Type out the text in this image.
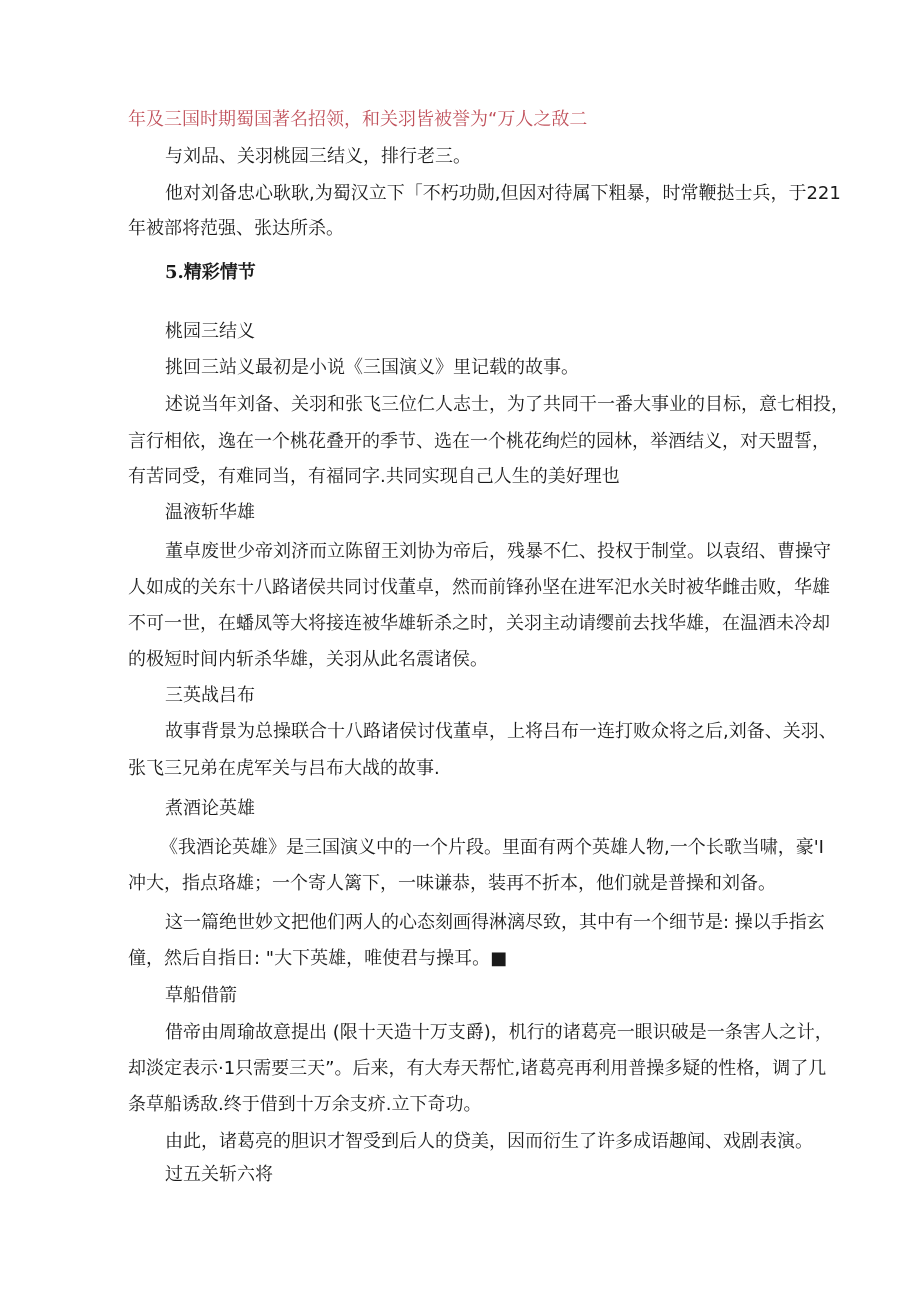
年及三国时期蜀国著名招领，和关羽皆被誉为“万人之敌二
与刘品、关羽桃园三结义，排行老三。
他对刘备忠心耿耿,为蜀汉立下「不朽功勋,但因对待属下粗暴，时常鞭挞士兵，于221
年被部将范强、张达所杀。
5.精彩情节
桃园三结义
挑回三站义最初是小说《三国演义》里记载的故事。
述说当年刘备、关羽和张飞三位仁人志士，为了共同干一番大事业的目标，意七相投，
言行相依，逸在一个桃花叠开的季节、选在一个桃花绚烂的园林，举酒结义，对天盟誓，
有苦同受，有难同当，有福同字.共同实现自己人生的美好理也
温液斩华雄
董卓废世少帝刘济而立陈留王刘协为帝后，残暴不仁、投权于制堂。以袁绍、曹操守
人如成的关东十八路诸侯共同讨伐董卓，然而前锋孙坚在进军汜水关时被华雌击败，华雄
不可一世，在蟠凤等大将接连被华雄斩杀之时，关羽主动请缨前去找华雄，在温酒未冷却
的极短时间内斩杀华雄，关羽从此名震诸侯。
三英战吕布
故事背景为总操联合十八路诸侯讨伐董卓，上将吕布一连打败众将之后,刘备、关羽、
张飞三兄弟在虎军关与吕布大战的故事.
煮酒论英雄
《我酒论英雄》是三国演义中的一个片段。里面有两个英雄人物,一个长歌当啸，豪'I
冲大，指点珞雄；一个寄人篱下，一味谦恭，装再不折本，他们就是普操和刘备。
这一篇绝世妙文把他们两人的心态刻画得淋漓尽致，其中有一个细节是: 操以手指玄
僮，然后自指日: "大下英雄，唯使君与操耳。■
草船借箭
借帝由周瑜故意提出 (限十天造十万支爵)，机行的诸葛亮一眼识破是一条害人之计，
却淡定表示·1只需要三天”。后来，有大寿天帮忙,诸葛亮再利用普操多疑的性格，调了几
条草船诱敌.终于借到十万余支疥.立下奇功。
由此，诸葛亮的胆识才智受到后人的贷美，因而衍生了许多成语趣闻、戏剧表演。
过五关斩六将
